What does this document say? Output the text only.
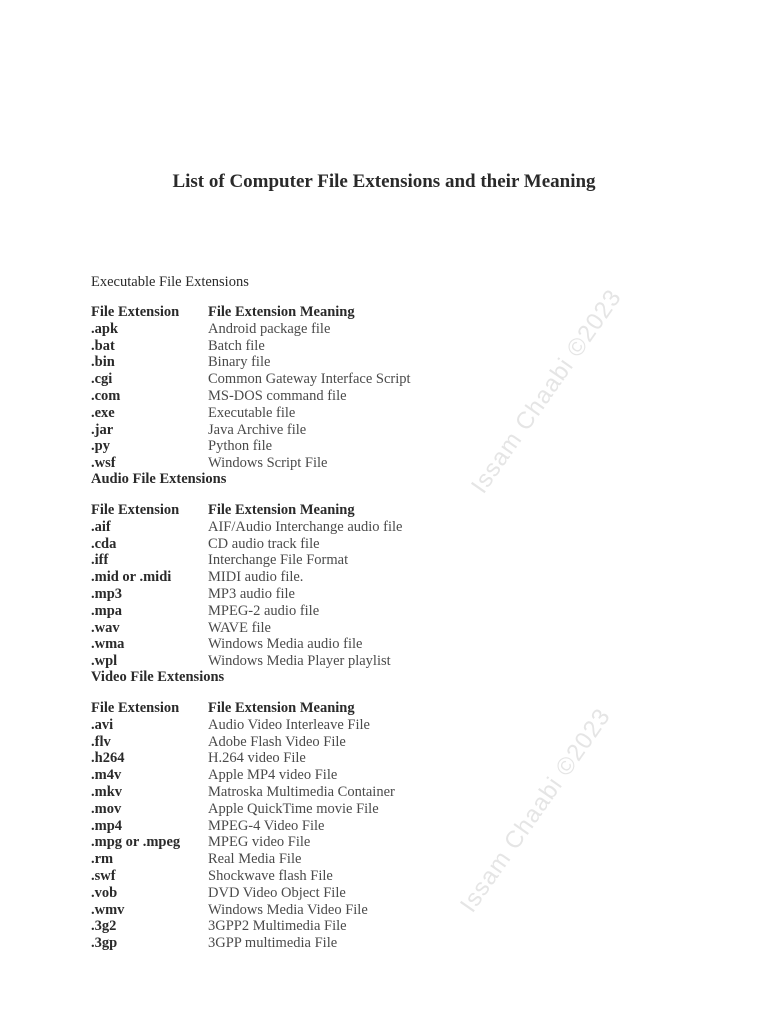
List of Computer File Extensions and their Meaning
Issam Chaabi ©2023
Issam Chaabi ©2023
Executable File Extensions
File Extension	File Extension Meaning
.apk	Android package file
.bat	Batch file
.bin	Binary file
.cgi	Common Gateway Interface Script
.com	MS-DOS command file
.exe	Executable file
.jar	Java Archive file
.py	Python file
.wsf	Windows Script File
Audio File Extensions
File Extension	File Extension Meaning
.aif	AIF/Audio Interchange audio file
.cda	CD audio track file
.iff	Interchange File Format
.mid or .midi	MIDI audio file.
.mp3	MP3 audio file
.mpa	MPEG-2 audio file
.wav	WAVE file
.wma	Windows Media audio file
.wpl	Windows Media Player playlist
Video File Extensions
File Extension	File Extension Meaning
.avi	Audio Video Interleave File
.flv	Adobe Flash Video File
.h264	H.264 video File
.m4v	Apple MP4 video File
.mkv	Matroska Multimedia Container
.mov	Apple QuickTime movie File
.mp4	MPEG-4 Video File
.mpg or .mpeg	MPEG video File
.rm	Real Media File
.swf	Shockwave flash File
.vob	DVD Video Object File
.wmv	Windows Media Video File
.3g2	3GPP2 Multimedia File
.3gp	3GPP multimedia File
